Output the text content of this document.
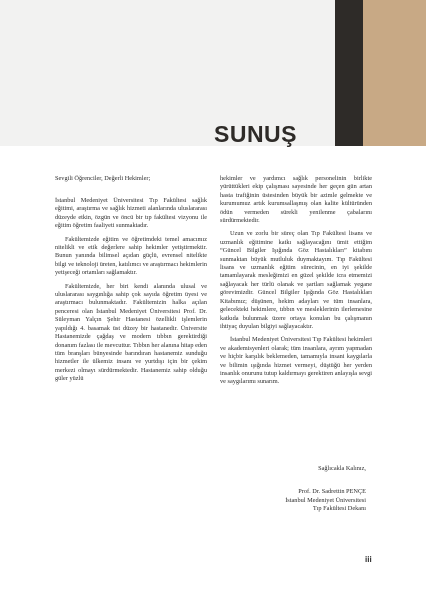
SUNUŞ
Sevgili Öğrenciler, Değerli Hekimler;

İstanbul Medeniyet Üniversitesi Tıp Fakültesi sağlık eğitimi, araştırma ve sağlık hizmeti alanlarında uluslararası düzeyde etkin, özgün ve öncü bir tıp fakültesi vizyonu ile eğitim öğretim faaliyeti sunmaktadır.

Fakültemizde eğitim ve öğretimdeki temel amacımız nitelikli ve etik değerlere sahip hekimler yetiştirmektir. Bunun yanında bilimsel açıdan güçlü, evrensel nitelikte bilgi ve teknoloji üreten, katılımcı ve araştırmacı hekimlerin yetişeceği ortamları sağlamaktır.

Fakültemizde, her biri kendi alanında ulusal ve uluslararası saygınlığa sahip çok sayıda öğretim üyesi ve araştırmacı bulunmaktadır. Fakültemizin halka açılan penceresi olan İstanbul Medeniyet Üniversitesi Prof. Dr. Süleyman Yalçın Şehir Hastanesi özellikli işlemlerin yapıldığı 4. basamak üst düzey bir hastanedir. Üniversite Hastanemizde çağdaş ve modern tıbbın gerektirdiği donanım fazlası ile mevcuttur. Tıbbın her alanına hitap eden tüm branşları bünyesinde barındıran hastanemiz sunduğu hizmetler ile ülkemiz insanı ve yurtdışı için bir çekim merkezi olmayı sürdürmektedir. Hastanemiz sahip olduğu güler yüzlü

hekimler ve yardımcı sağlık personelinin birlikte yürüttükleri ekip çalışması sayesinde her geçen gün artan hasta trafiğinin üstesinden büyük bir azimle gelmekte ve kurumumuz artık kurumsallaşmış olan kalite kültüründen ödün vermeden sürekli yenilenme çabalarını sürdürmektedir.

Uzun ve zorlu bir süreç olan Tıp Fakültesi lisans ve uzmanlık eğitimine katkı sağlayacağını ümit ettiğim “Güncel Bilgiler Işığında Göz Hastalıkları” kitabını sunmaktan büyük mutluluk duymaktayım. Tıp Fakültesi lisans ve uzmanlık eğitim sürecinin, en iyi şekilde tamamlayarak mesleğimizi en güzel şekilde icra etmemizi sağlayacak her türlü olanak ve şartları sağlamak yegane görevimizdir. Güncel Bilgiler Işığında Göz Hastalıkları Kitabımız; düşünen, hekim adayları ve tüm insanlara, gelecekteki hekimlere, tıbbın ve mesleklerinin ilerlemesine katkıda bulunmak üzere ortaya konulan bu çalışmanın ihtiyaç duyulan bilgiyi sağlayacaktır.

İstanbul Medeniyet Üniversitesi Tıp Fakültesi hekimleri ve akademisyenleri olarak; tüm insanlara, ayrım yapmadan ve hiçbir karşılık beklemeden, tamamıyla insani kaygılarla ve bilimin ışığında hizmet vermeyi, düştüğü her yerden insanlık onurunu tutup kaldırmayı gerektiren anlayışla sevgi ve saygılarımı sunarım.

Sağlıcakla Kalınız,
Prof. Dr. Sadrettin PENÇE
İstanbul Medeniyet Üniversitesi
Tıp Fakültesi Dekanı
iii
